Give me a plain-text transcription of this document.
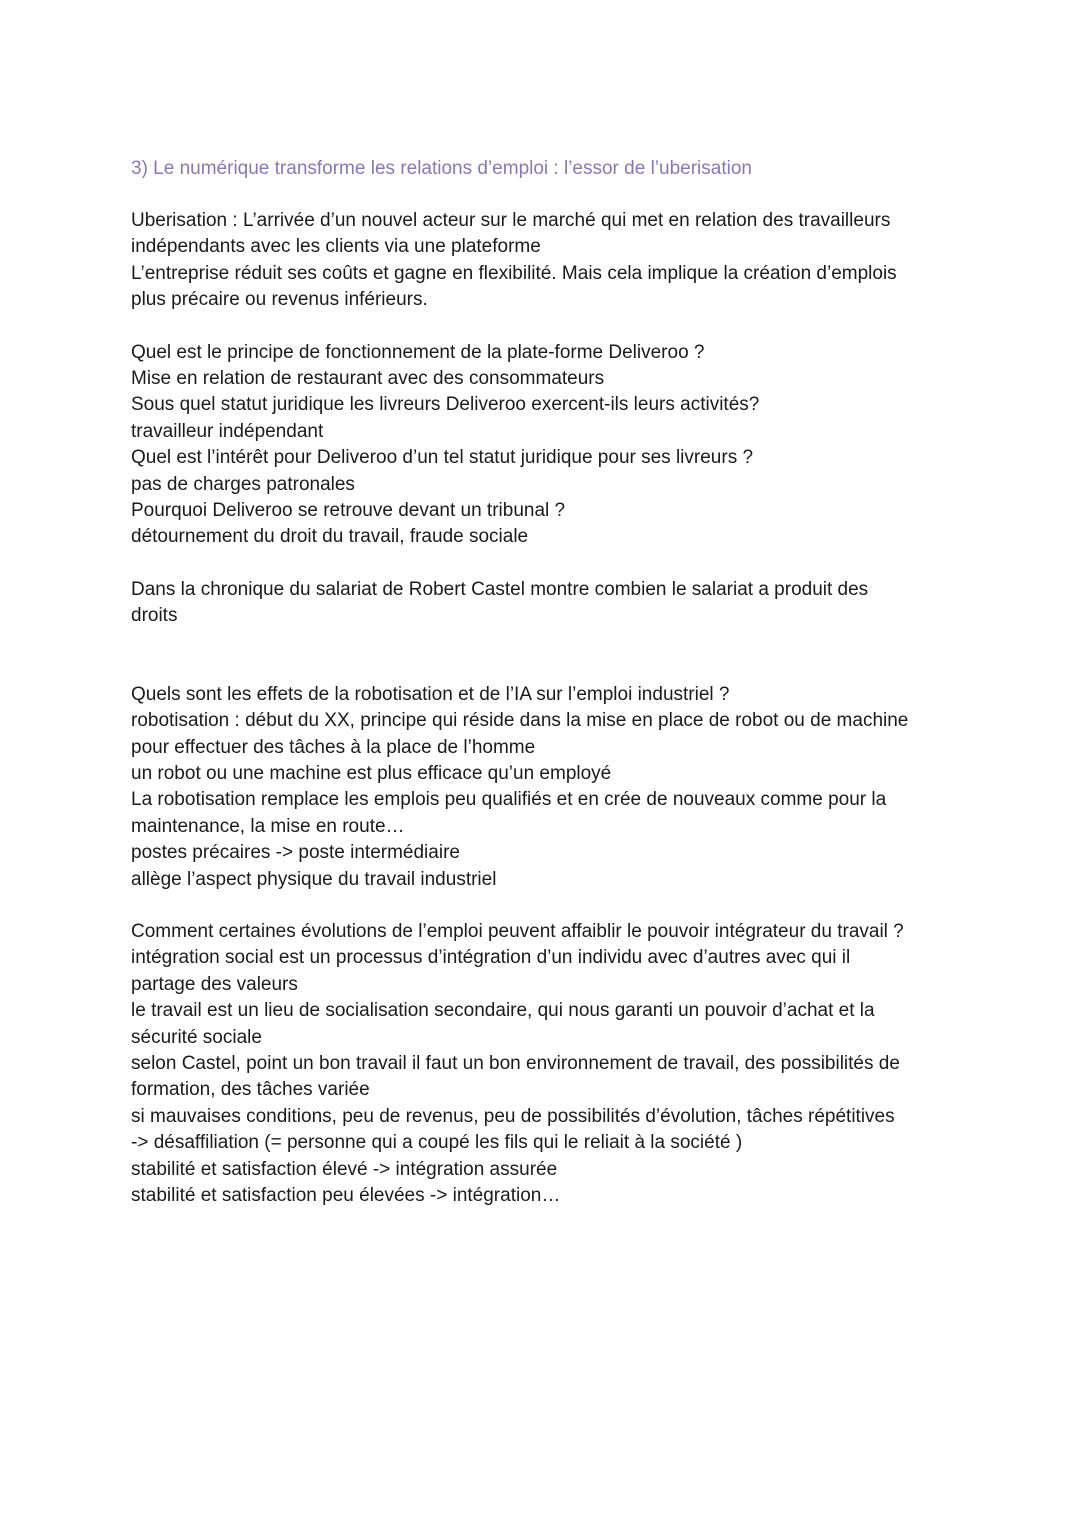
3) Le numérique transforme les relations d’emploi : l’essor de l’uberisation
Uberisation : L’arrivée d’un nouvel acteur sur le marché qui met en relation des travailleurs
indépendants avec les clients via une plateforme
L’entreprise réduit ses coûts et gagne en flexibilité. Mais cela implique la création d’emplois
plus précaire ou revenus inférieurs.
Quel est le principe de fonctionnement de la plate-forme Deliveroo ?
Mise en relation de restaurant avec des consommateurs
Sous quel statut juridique les livreurs Deliveroo exercent-ils leurs activités?
travailleur indépendant
Quel est l’intérêt pour Deliveroo d’un tel statut juridique pour ses livreurs ?
pas de charges patronales
Pourquoi Deliveroo se retrouve devant un tribunal ?
détournement du droit du travail, fraude sociale
Dans la chronique du salariat de Robert Castel montre combien le salariat a produit des
droits
Quels sont les effets de la robotisation et de l’IA sur l’emploi industriel ?
robotisation : début du XX, principe qui réside dans la mise en place de robot ou de machine
pour effectuer des tâches à la place de l’homme
un robot ou une machine est plus efficace qu’un employé
La robotisation remplace les emplois peu qualifiés et en crée de nouveaux comme pour la
maintenance, la mise en route…
postes précaires -> poste intermédiaire
allège l’aspect physique du travail industriel
Comment certaines évolutions de l’emploi peuvent affaiblir le pouvoir intégrateur du travail ?
intégration social est un processus d’intégration d’un individu avec d’autres avec qui il
partage des valeurs
le travail est un lieu de socialisation secondaire, qui nous garanti un pouvoir d’achat et la
sécurité sociale
selon Castel, point un bon travail il faut un bon environnement de travail, des possibilités de
formation, des tâches variée
si mauvaises conditions, peu de revenus, peu de possibilités d’évolution, tâches répétitives
-> désaffiliation (= personne qui a coupé les fils qui le reliait à la société )
stabilité et satisfaction élevé -> intégration assurée
stabilité et satisfaction peu élevées -> intégration…
